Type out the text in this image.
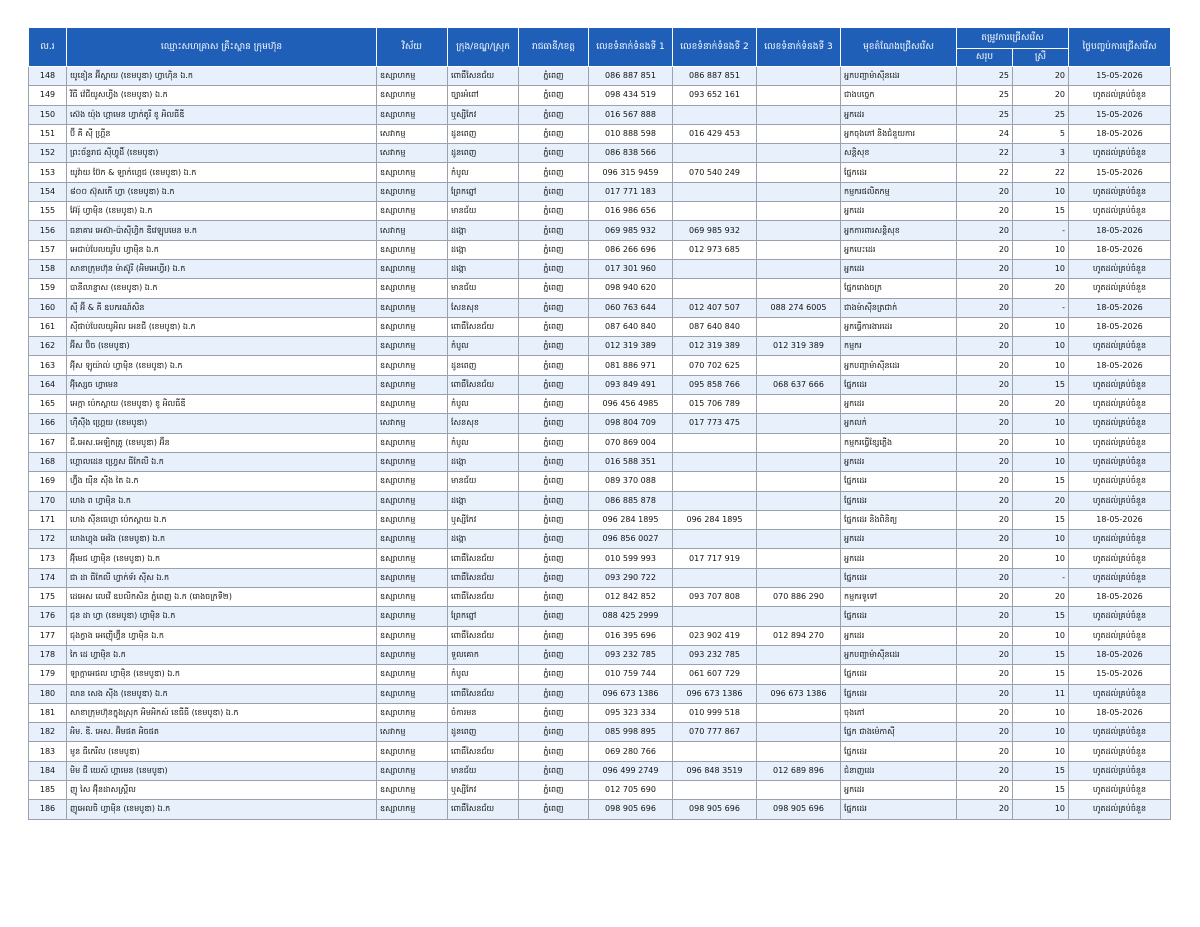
ល.រ	ឈ្មោះសហគ្រាស គ្រឹះស្ថាន ក្រុមហ៊ុន	វិស័យ	ក្រុង/ខណ្ឌ/ស្រុក	រាជធានី/ខេត្ត	លេខទំនាក់ទំនងទី 1	លេខទំនាក់ទំនងទី 2	លេខទំនាក់ទំនងទី 3	មុខតំណែងជ្រើសរើស	តម្រូវការជ្រើសរើស		ថ្ងៃបញ្ចប់ការជ្រើសរើស
									សរុប	ស្រី	
148	យូនៀន អ៊ីស្ដាយ (ខេមបូឌា) ហ្វាហ៊ិន ឯ.ក	ឧស្សាហកម្ម	ពោធិ៍សែនជ័យ	ភ្នំពេញ	086 887 851	086 887 851		អ្នកបញ្ជាម៉ាស៊ីនដេរ	25	20	15-05-2026
149	វីធី វ៉េជីយូសហ្វីង (ខេមបូឌា) ឯ.ក	ឧស្សាហកម្ម	ច្បារអំពៅ	ភ្នំពេញ	098 434 519	093 652 161		ជាងបច្ចេក	25	20	ហូតដល់គ្រប់ចំនួន
150	ស៊េង យ៉ុង ហ្គាមេន ហ្វាក់តូរី ខូ អិលធីឌី	ឧស្សាហកម្ម	ឬស្សីកែវ	ភ្នំពេញ	016 567 888			អ្នកដេរ	25	25	15-05-2026
151	ប៊ី គី ស៊ី ហ្គ្រីន	សេវាកម្ម	ដូនពេញ	ភ្នំពេញ	010 888 598	016 429 453		អ្នកចុងភៅ និងជំនួយការ	24	5	18-05-2026
152	ព្រះច័ន្ទរាជ ស៊ីហ្វូដិ៍ (ខេមបូឌា)	សេវាកម្ម	ដូនពេញ	ភ្នំពេញ	086 838 566			សន្តិសុខ	22	3	ហូតដល់គ្រប់ចំនួន
153	យូវ៉ាយ ប៊ែក & ឡាក់ហ្គេជ (ខេមបូឌា) ឯ.ក	ឧស្សាហកម្ម	កំបូល	ភ្នំពេញ	096 315 9459	070 540 249		ផ្នែកដេរ	22	22	15-05-2026
154	៨០០ ស៊ុសកើ ហ្វា (ខេមបូឌា) ឯ.ក	ឧស្សាហកម្ម	ព្រែកព្នៅ	ភ្នំពេញ	017 771 183			កម្មករផលិតកម្ម	20	10	ហូតដល់គ្រប់ចំនួន
155	អ៊ែរ៉ុ ហ្វាម៉ិន (ខេមបូឌា) ឯ.ក	ឧស្សាហកម្ម	មានជ័យ	ភ្នំពេញ	016 986 656			អ្នកដេរ	20	15	ហូតដល់គ្រប់ចំនួន
156	ធនាគារ អេស៊ា-ប៉ាស៊ីហ្វិក ឌីវេឡុបមេន ម.ក	សេវាកម្ម	ដង្កោ	ភ្នំពេញ	069 985 932	069 985 932		អ្នកការពារសន្តិសុខ	20	-	18-05-2026
157	អេជាប់បែលយូរិប ហ្វាម៉ិន ឯ.ក	ឧស្សាហកម្ម	ដង្កោ	ភ្នំពេញ	086 266 696	012 973 685		អ្នកបេះដេរ	20	10	18-05-2026
158	សាខាក្រុមហ៊ុន ម៉ាស៊ូរី (អិមអេហ្វីរ) ឯ.ក	ឧស្សាហកម្ម	ដង្កោ	ភ្នំពេញ	017 301 960			អ្នកដេរ	20	10	ហូតដល់គ្រប់ចំនួន
159	បានីលាន្ទាស (ខេមបូឌា) ឯ.ក	ឧស្សាហកម្ម	មានជ័យ	ភ្នំពេញ	098 940 620			ផ្នែករោងចក្រ	20	20	ហូតដល់គ្រប់ចំនួន
160	ស៊ី អ៊ី & គី ឧបករណ៍សិន	ឧស្សាហកម្ម	សែនសុខ	ភ្នំពេញ	060 763 644	012 407 507	088 274 6005	ជាងម៉ាស៊ីនត្រជាក់	20	-	18-05-2026
161	ស៊ីផាប់បែលយូអិល អេនជី (ខេមបូឌា) ឯ.ក	ឧស្សាហកម្ម	ពោធិ៍សែនជ័យ	ភ្នំពេញ	087 640 840	087 640 840		អ្នកធ្វើការងារដេរ	20	10	18-05-2026
162	អ៊ីស ប៊ិច (ខេមបូឌា)	ឧស្សាហកម្ម	កំបូល	ភ្នំពេញ	012 319 389	012 319 389	012 319 389	កម្មករ	20	10	ហូតដល់គ្រប់ចំនួន
163	អ៊ុីស ឡូយ៉ាល់ ហ្វាម៉ិន (ខេមបូឌា) ឯ.ក	ឧស្សាហកម្ម	ដូនពេញ	ភ្នំពេញ	081 886 971	070 702 625		អ្នកបញ្ជាម៉ាស៊ីនដេរ	20	10	18-05-2026
164	អ៊ុីស្សេច ហ្វាមេន	ឧស្សាហកម្ម	ពោធិ៍សែនជ័យ	ភ្នំពេញ	093 849 491	095 858 766	068 637 666	ផ្នែកដេរ	20	15	ហូតដល់គ្រប់ចំនួន
165	អេក្កា ប៉េកស្ដាយ (ខេមបូឌា) ខូ អិលធីឌី	ឧស្សាហកម្ម	កំបូល	ភ្នំពេញ	096 456 4985	015 706 789		អ្នកដេរ	20	20	ហូតដល់គ្រប់ចំនួន
166	ហ៊ឺស៊ីង ហ្គ្រេយ (ខេមបូឌា)	សេវាកម្ម	សែនសុខ	ភ្នំពេញ	098 804 709	017 773 475		អ្នកលក់	20	10	ហូតដល់គ្រប់ចំនួន
167	ជី.អេស.អេឡិកត្រូ (ខេមបូឌា) អ៊ីន	ឧស្សាហកម្ម	កំបូល	ភ្នំពេញ	070 869 004			កម្មករធ្វើខ្សែភ្លើង	20	10	ហូតដល់គ្រប់ចំនួន
168	ហ្គោលដេន ហ្វ្រេស ធីកែលី ឯ.ក	ឧស្សាហកម្ម	ដង្កោ	ភ្នំពេញ	016 588 351			អ្នកដេរ	20	10	ហូតដល់គ្រប់ចំនួន
169	ហ្វ៊ីង យ៉ីន ស៊ីង តៃ ឯ.ក	ឧស្សាហកម្ម	មានជ័យ	ភ្នំពេញ	089 370 088			ផ្នែកដេរ	20	15	ហូតដល់គ្រប់ចំនួន
170	ហេង ព ហ្វាម៉ិន ឯ.ក	ឧស្សាហកម្ម	ដង្កោ	ភ្នំពេញ	086 885 878			ផ្នែកដេរ	20	20	ហូតដល់គ្រប់ចំនួន
171	ហេង ស៊ីនធេហ្គា ប៉េកស្ដាយ ឯ.ក	ឧស្សាហកម្ម	ឬស្សីកែវ	ភ្នំពេញ	096 284 1895	096 284 1895		ផ្នែកដេរ និងពិនិត្យ	20	15	18-05-2026
172	ហេងហ្វុង អេវ៉ង (ខេមបូឌា) ឯ.ក	ឧស្សាហកម្ម	ដង្កោ	ភ្នំពេញ	096 856 0027			អ្នកដេរ	20	10	ហូតដល់គ្រប់ចំនួន
173	អ៊ុីមេជ ហ្វាម៉ិន (ខេមបូឌា) ឯ.ក	ឧស្សាហកម្ម	ពោធិ៍សែនជ័យ	ភ្នំពេញ	010 599 993	017 717 919		អ្នកដេរ	20	10	ហូតដល់គ្រប់ចំនួន
174	ជា ដា ធីកែលី ហ្វាក់ទ័រ ស៊ីស ឯ.ក	ឧស្សាហកម្ម	ពោធិ៍សែនជ័យ	ភ្នំពេញ	093 290 722			ផ្នែកដេរ	20	-	ហូតដល់គ្រប់ចំនួន
175	ដេអេស លេវេី ឧបលិកសិន ភ្នំពេញ ឯ.ក (រោងចក្រទី២)	ឧស្សាហកម្ម	ពោធិ៍សែនជ័យ	ភ្នំពេញ	012 842 852	093 707 808	070 886 290	កម្មករទូទៅ	20	20	18-05-2026
176	ជុន ដា ហ្វា (ខេមបូឌា) ហ្វាម៉ិន ឯ.ក	ឧស្សាហកម្ម	ព្រែកព្នៅ	ភ្នំពេញ	088 425 2999			ផ្នែកដេរ	20	15	ហូតដល់គ្រប់ចំនួន
177	ជុងក្វាង អេញ៉ើហ្វ៊ីន ហ្វាម៉ិន ឯ.ក	ឧស្សាហកម្ម	ពោធិ៍សែនជ័យ	ភ្នំពេញ	016 395 696	023 902 419	012 894 270	អ្នកដេរ	20	10	ហូតដល់គ្រប់ចំនួន
178	កៃ ដេ ហ្វាម៉ិន ឯ.ក	ឧស្សាហកម្ម	ទួលគោក	ភ្នំពេញ	093 232 785	093 232 785		អ្នកបញ្ជាម៉ាស៊ីនដេរ	20	15	18-05-2026
179	ឡាក្កាអេផល ហ្វាម៉ិន (ខេមបូឌា) ឯ.ក	ឧស្សាហកម្ម	កំបូល	ភ្នំពេញ	010 759 744	061 607 729		ផ្នែកដេរ	20	15	15-05-2026
180	លាន សេង ស៊ីង (ខេមបូឌា) ឯ.ក	ឧស្សាហកម្ម	ពោធិ៍សែនជ័យ	ភ្នំពេញ	096 673 1386	096 673 1386	096 673 1386	ផ្នែកដេរ	20	11	ហូតដល់គ្រប់ចំនួន
181	សាខាក្រុមហ៊ុនក្នុងស្រុក អិមអិកស៍ ខេធីធី (ខេមបូឌា) ឯ.ក	ឧស្សាហកម្ម	ចំការមន	ភ្នំពេញ	095 323 334	010 999 518		ចុងភៅ	20	10	18-05-2026
182	អិម. ឌី. អេស. អ៊ិមផត អិចផត	សេវាកម្ម	ដូនពេញ	ភ្នំពេញ	085 998 895	070 777 867		ផ្នែក ជាងម៉េកាស៊ី	20	10	ហូតដល់គ្រប់ចំនួន
183	មូន ធីភេរីល (ខេមបូឌា)	ឧស្សាហកម្ម	ពោធិ៍សែនជ័យ	ភ្នំពេញ	069 280 766			ផ្នែកដេរ	20	10	ហូតដល់គ្រប់ចំនួន
184	មិម ជី យេស៍ ហ្គាមេន (ខេមបូឌា)	ឧស្សាហកម្ម	មានជ័យ	ភ្នំពេញ	096 499 2749	096 848 3519	012 689 896	ជំនាញដេរ	20	15	ហូតដល់គ្រប់ចំនួន
185	ញូ សៃ អ៊ុីនដាសស្ត្រីល	ឧស្សាហកម្ម	ឬស្សីកែវ	ភ្នំពេញ	012 705 690			អ្នកដេរ	20	15	ហូតដល់គ្រប់ចំនួន
186	ញូអេលចិ ហ្វាម៉ិន (ខេមបូឌា) ឯ.ក	ឧស្សាហកម្ម	ពោធិ៍សែនជ័យ	ភ្នំពេញ	098 905 696	098 905 696	098 905 696	ផ្នែកដេរ	20	10	ហូតដល់គ្រប់ចំនួន
